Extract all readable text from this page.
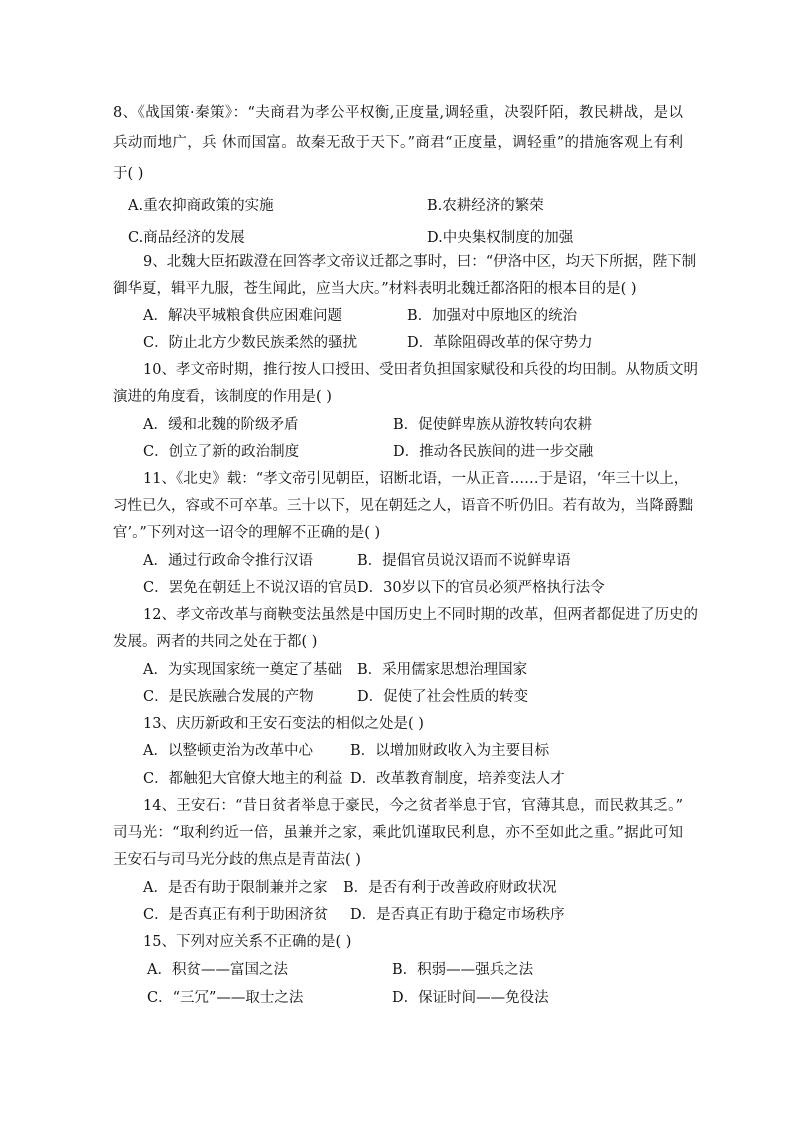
8、《战国策·秦策》：“夫商君为孝公平权衡,正度量,调轻重，决裂阡陌，教民耕战，是以
兵动而地广，兵 休而国富。故秦无敌于天下。”商君“正度量，调轻重”的措施客观上有利
于( )
A.重农抑商政策的实施	B.农耕经济的繁荣
C.商品经济的发展	D.中央集权制度的加强
9、北魏大臣拓跋澄在回答孝文帝议迁都之事时，曰：“伊洛中区，均天下所据，陛下制
御华夏，辑平九服，苍生闻此，应当大庆。”材料表明北魏迁都洛阳的根本目的是( )
A．解决平城粮食供应困难问题	B．加强对中原地区的统治
C．防止北方少数民族柔然的骚扰	D．革除阻碍改革的保守势力
10、孝文帝时期，推行按人口授田、受田者负担国家赋役和兵役的均田制。从物质文明
演进的角度看，该制度的作用是( )
A．缓和北魏的阶级矛盾	B．促使鲜卑族从游牧转向农耕
C．创立了新的政治制度	D．推动各民族间的进一步交融
11、《北史》载：“孝文帝引见朝臣，诏断北语，一从正音……于是诏，‘年三十以上，
习性已久，容或不可卒革。三十以下，见在朝廷之人，语音不听仍旧。若有故为，当降爵黜
官’。”下列对这一诏令的理解不正确的是( )
A．通过行政命令推行汉语	B．提倡官员说汉语而不说鲜卑语
C．罢免在朝廷上不说汉语的官员 D．30岁以下的官员必须严格执行法令
12、孝文帝改革与商鞅变法虽然是中国历史上不同时期的改革，但两者都促进了历史的
发展。两者的共同之处在于都( )
A．为实现国家统一奠定了基础 B．采用儒家思想治理国家
C．是民族融合发展的产物	D．促使了社会性质的转变
13、庆历新政和王安石变法的相似之处是( )
A．以整顿吏治为改革中心	B．以增加财政收入为主要目标
C．都触犯大官僚大地主的利益 D．改革教育制度，培养变法人才
14、王安石：“昔日贫者举息于豪民，今之贫者举息于官，官薄其息，而民救其乏。”
司马光：“取利约近一倍，虽兼并之家，乘此饥谨取民利息，亦不至如此之重。”据此可知
王安石与司马光分歧的焦点是青苗法( )
A．是否有助于限制兼并之家 B．是否有利于改善政府财政状况
C．是否真正有利于助困济贫 D．是否真正有助于稳定市场秩序
15、下列对应关系不正确的是( )
A．积贫——富国之法	B．积弱——强兵之法
C．“三冗”——取士之法	D．保证时间——免役法
